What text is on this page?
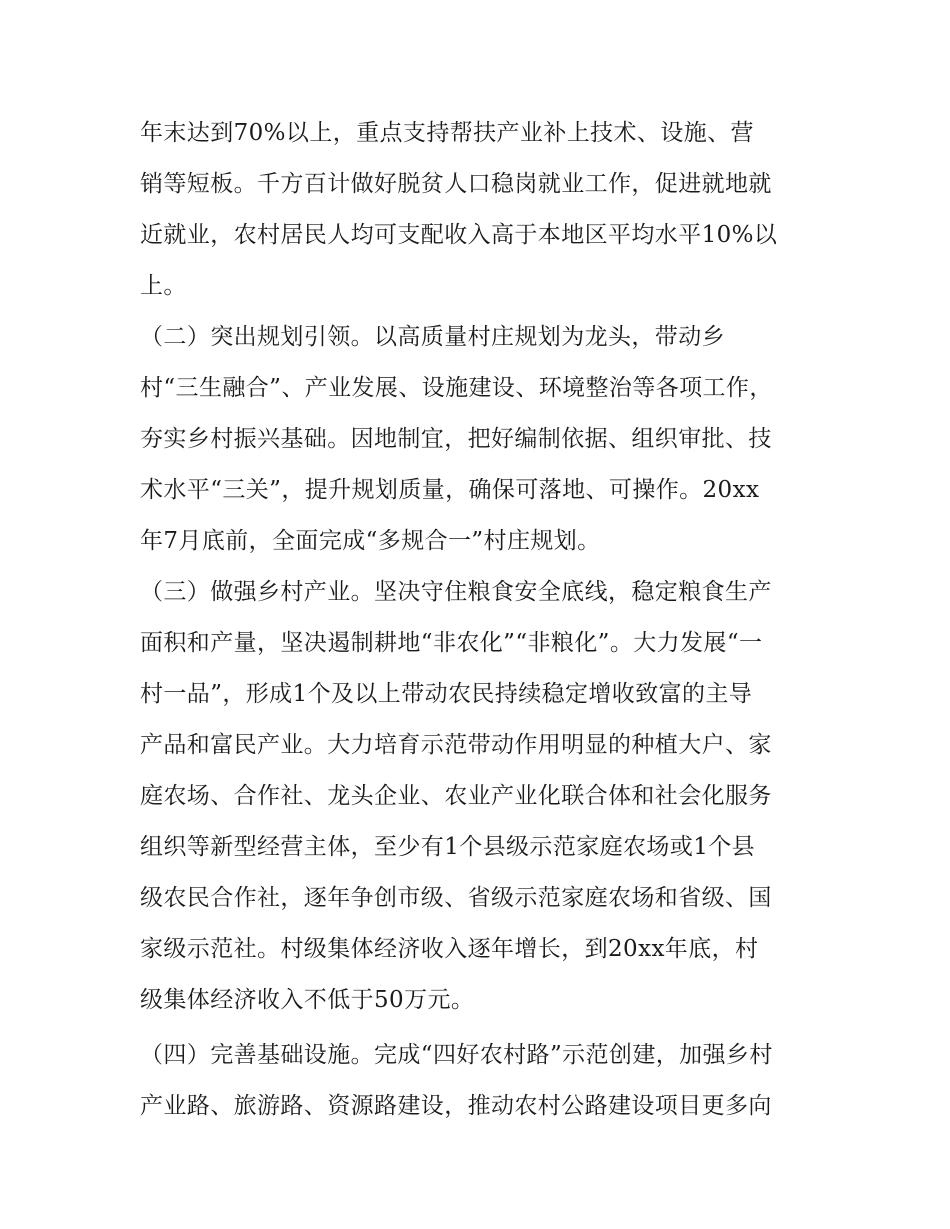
年末达到70%以上，重点支持帮扶产业补上技术、设施、营
销等短板。千方百计做好脱贫人口稳岗就业工作，促进就地就
近就业，农村居民人均可支配收入高于本地区平均水平10%以
上。
（二）突出规划引领。以高质量村庄规划为龙头，带动乡
村“三生融合”、产业发展、设施建设、环境整治等各项工作，
夯实乡村振兴基础。因地制宜，把好编制依据、组织审批、技
术水平“三关”，提升规划质量，确保可落地、可操作。20xx
年7月底前，全面完成“多规合一”村庄规划。
（三）做强乡村产业。坚决守住粮食安全底线，稳定粮食生产
面积和产量，坚决遏制耕地“非农化”“非粮化”。大力发展“一
村一品”，形成1个及以上带动农民持续稳定增收致富的主导
产品和富民产业。大力培育示范带动作用明显的种植大户、家
庭农场、合作社、龙头企业、农业产业化联合体和社会化服务
组织等新型经营主体，至少有1个县级示范家庭农场或1个县
级农民合作社，逐年争创市级、省级示范家庭农场和省级、国
家级示范社。村级集体经济收入逐年增长，到20xx年底，村
级集体经济收入不低于50万元。
（四）完善基础设施。完成“四好农村路”示范创建，加强乡村
产业路、旅游路、资源路建设，推动农村公路建设项目更多向
